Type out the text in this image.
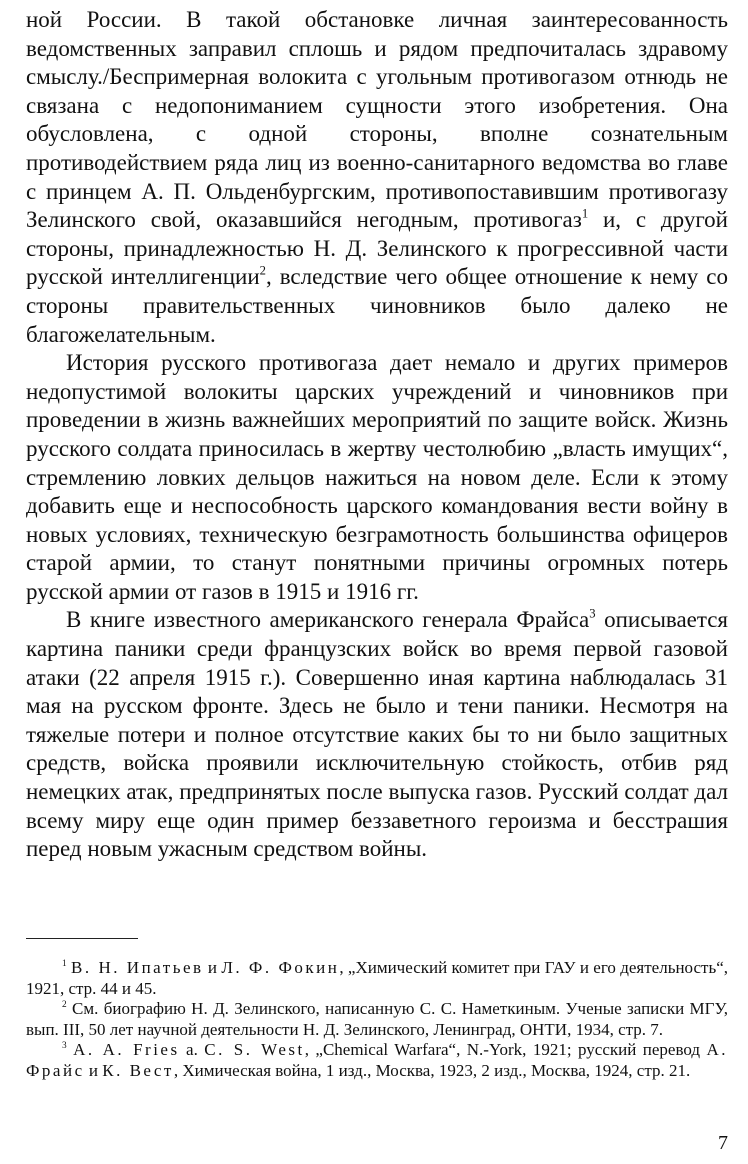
ной России. В такой обстановке личная заинтересованность ведомственных заправил сплошь и рядом предпочиталась здравому смыслу./Беспримерная волокита с угольным противогазом отнюдь не связана с недопониманием сущности этого изобретения. Она обусловлена, с одной стороны, вполне сознательным противодействием ряда лиц из военно-санитарного ведомства во главе с принцем А. П. Ольденбургским, противопоставившим противогазу Зелинского свой, оказавшийся негодным, противогаз$^1$ и, с другой стороны, принадлежностью Н. Д. Зелинского к прогрессивной части русской интеллигенции$^2$, вследствие чего общее отношение к нему со стороны правительственных чиновников было далеко не благожелательным.

История русского противогаза дает немало и других примеров недопустимой волокиты царских учреждений и чиновников при проведении в жизнь важнейших мероприятий по защите войск. Жизнь русского солдата приносилась в жертву честолюбию „власть имущих“, стремлению ловких дельцов нажиться на новом деле. Если к этому добавить еще и неспособность царского командования вести войну в новых условиях, техническую безграмотность большинства офицеров старой армии, то станут понятными причины огромных потерь русской армии от газов в 1915 и 1916 гг.

В книге известного американского генерала Фрайса$^3$ описывается картина паники среди французских войск во время первой газовой атаки (22 апреля 1915 г.). Совершенно иная картина наблюдалась 31 мая на русском фронте. Здесь не было и тени паники. Несмотря на тяжелые потери и полное отсутствие каких бы то ни было защитных средств, войска проявили исключительную стойкость, отбив ряд немецких атак, предпринятых после выпуска газов. Русский солдат дал всему миру еще один пример беззаветного героизма и бесстрашия перед новым ужасным средством войны.

$^1$ В. Н. Ипатьев и Л. Ф. Фокин, „Химический комитет при ГАУ и его деятельность“, 1921, стр. 44 и 45.

$^2$ См. биографию Н. Д. Зелинского, написанную С. С. Наметкиным. Ученые записки МГУ, вып. III, 50 лет научной деятельности Н. Д. Зелинского, Ленинград, ОНТИ, 1934, стр. 7.

$^3$ A. A. Fries a. C. S. West, „Chemical Warfara“, N.-York, 1921; русский перевод А. Фрайс и К. Вест, Химическая война, 1 изд., Москва, 1923, 2 изд., Москва, 1924, стр. 21.

7
